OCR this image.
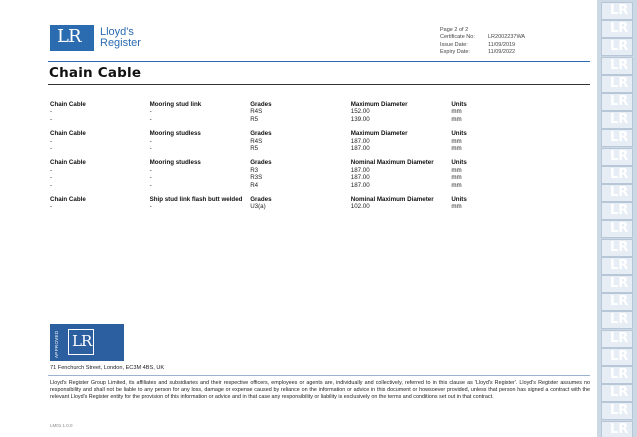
LR
LR
LR
LR
LR
LR
LR
LR
LR
LR
LR
LR
LR
LR
LR
LR
LR
LR
LR
LR
LR
LR
LR
LR
LR Lloyd's
Register
Page 2 of 2
Certificate No:	LR2002237WA
Issue Date:	11/09/2019
Expiry Date:	11/09/2022
Chain Cable
Chain Cable	Mooring stud link	Grades	Maximum Diameter	Units
-	-	R4S	152.00	mm
-	-	R5	139.00	mm
Chain Cable	Mooring studless	Grades	Maximum Diameter	Units
-	-	R4S	187.00	mm
-	-	R5	187.00	mm
Chain Cable	Mooring studless	Grades	Nominal Maximum Diameter	Units
-	-	R3	187.00	mm
-	-	R3S	187.00	mm
-	-	R4	187.00	mm
Chain Cable	Ship stud link flash butt welded	Grades	Nominal Maximum Diameter	Units
-	-	U3(a)	102.00	mm
LR
APPROVED
71 Fenchurch Street, London, EC3M 4BS, UK
Lloyd's Register Group Limited, its affiliates and subsidiaries and their respective officers, employees or agents are, individually and collectively, referred to in this clause as 'Lloyd's Register'. Lloyd's Register assumes no responsibility and shall not be liable to any person for any loss, damage or expense caused by reliance on the information or advice in this document or howsoever provided, unless that person has signed a contract with the relevant Lloyd's Register entity for the provision of this information or advice and in that case any responsibility or liability is exclusively on the terms and conditions set out in that contract.
LM01 1.0.0
